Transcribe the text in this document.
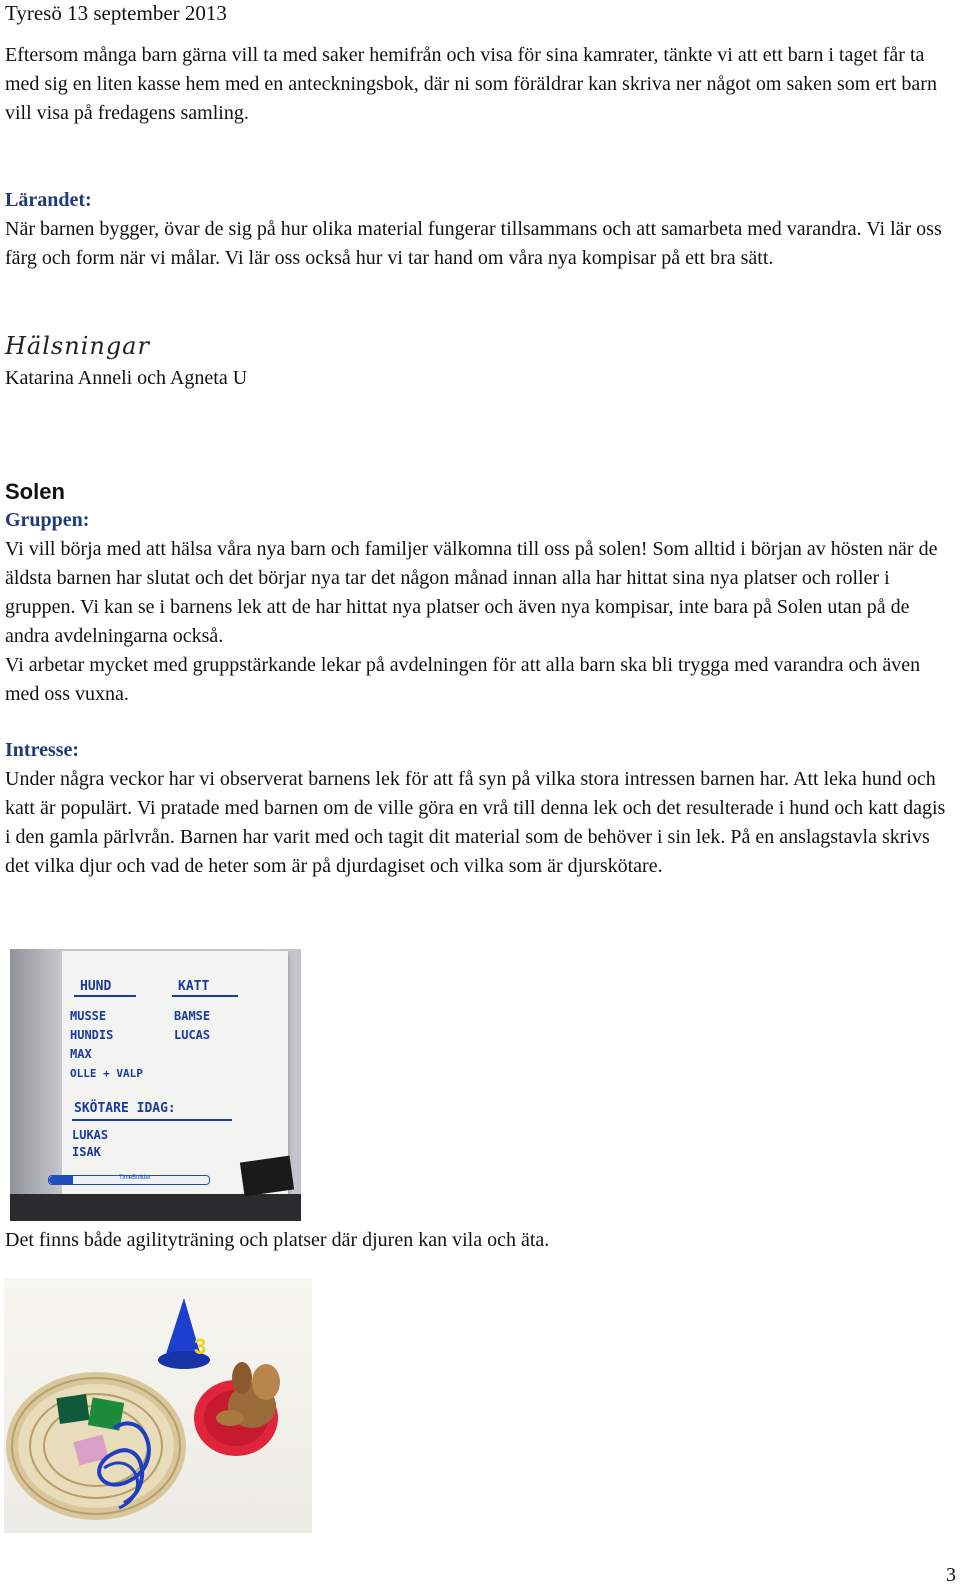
Tyresö 13 september 2013

Eftersom många barn gärna vill ta med saker hemifrån och visa för sina kamrater, tänkte vi att ett barn i taget får ta med sig en liten kasse hem med en anteckningsbok, där ni som föräldrar kan skriva ner något om saken som ert barn vill visa på fredagens samling.

Lärandet:

När barnen bygger, övar de sig på hur olika material fungerar tillsammans och att samarbeta med varandra. Vi lär oss färg och form när vi målar. Vi lär oss också hur vi tar hand om våra nya kompisar på ett bra sätt.

Hälsningar

Katarina Anneli och Agneta U

Solen

Gruppen:

Vi vill börja med att hälsa våra nya barn och familjer välkomna till oss på solen! Som alltid i början av hösten när de äldsta barnen har slutat och det börjar nya tar det någon månad innan alla har hittat sina nya platser och roller i gruppen. Vi kan se i barnens lek att de har hittat nya platser och även nya kompisar, inte bara på Solen utan på de andra avdelningarna också.

Vi arbetar mycket med gruppstärkande lekar på avdelningen för att alla barn ska bli trygga med varandra och även med oss vuxna.

Intresse:

Under några veckor har vi observerat barnens lek för att få syn på vilka stora intressen barnen har. Att leka hund och katt är populärt. Vi pratade med barnen om de ville göra en vrå till denna lek och det resulterade i hund och katt dagis i den gamla pärlvrån. Barnen har varit med och tagit dit material som de behöver i sin lek. På en anslagstavla skrivs det vilka djur och vad de heter som är på djurdagiset och vilka som är djurskötare.

HUND	KATT
MUSSE
HUNDIS
MAX
OLLE + VALP
BAMSE
LUCAS
SKÖTARE IDAG:
LUKAS
ISAK
TimeBuilder

Det finns både agilityträning och platser där djuren kan vila och äta.

3
3
